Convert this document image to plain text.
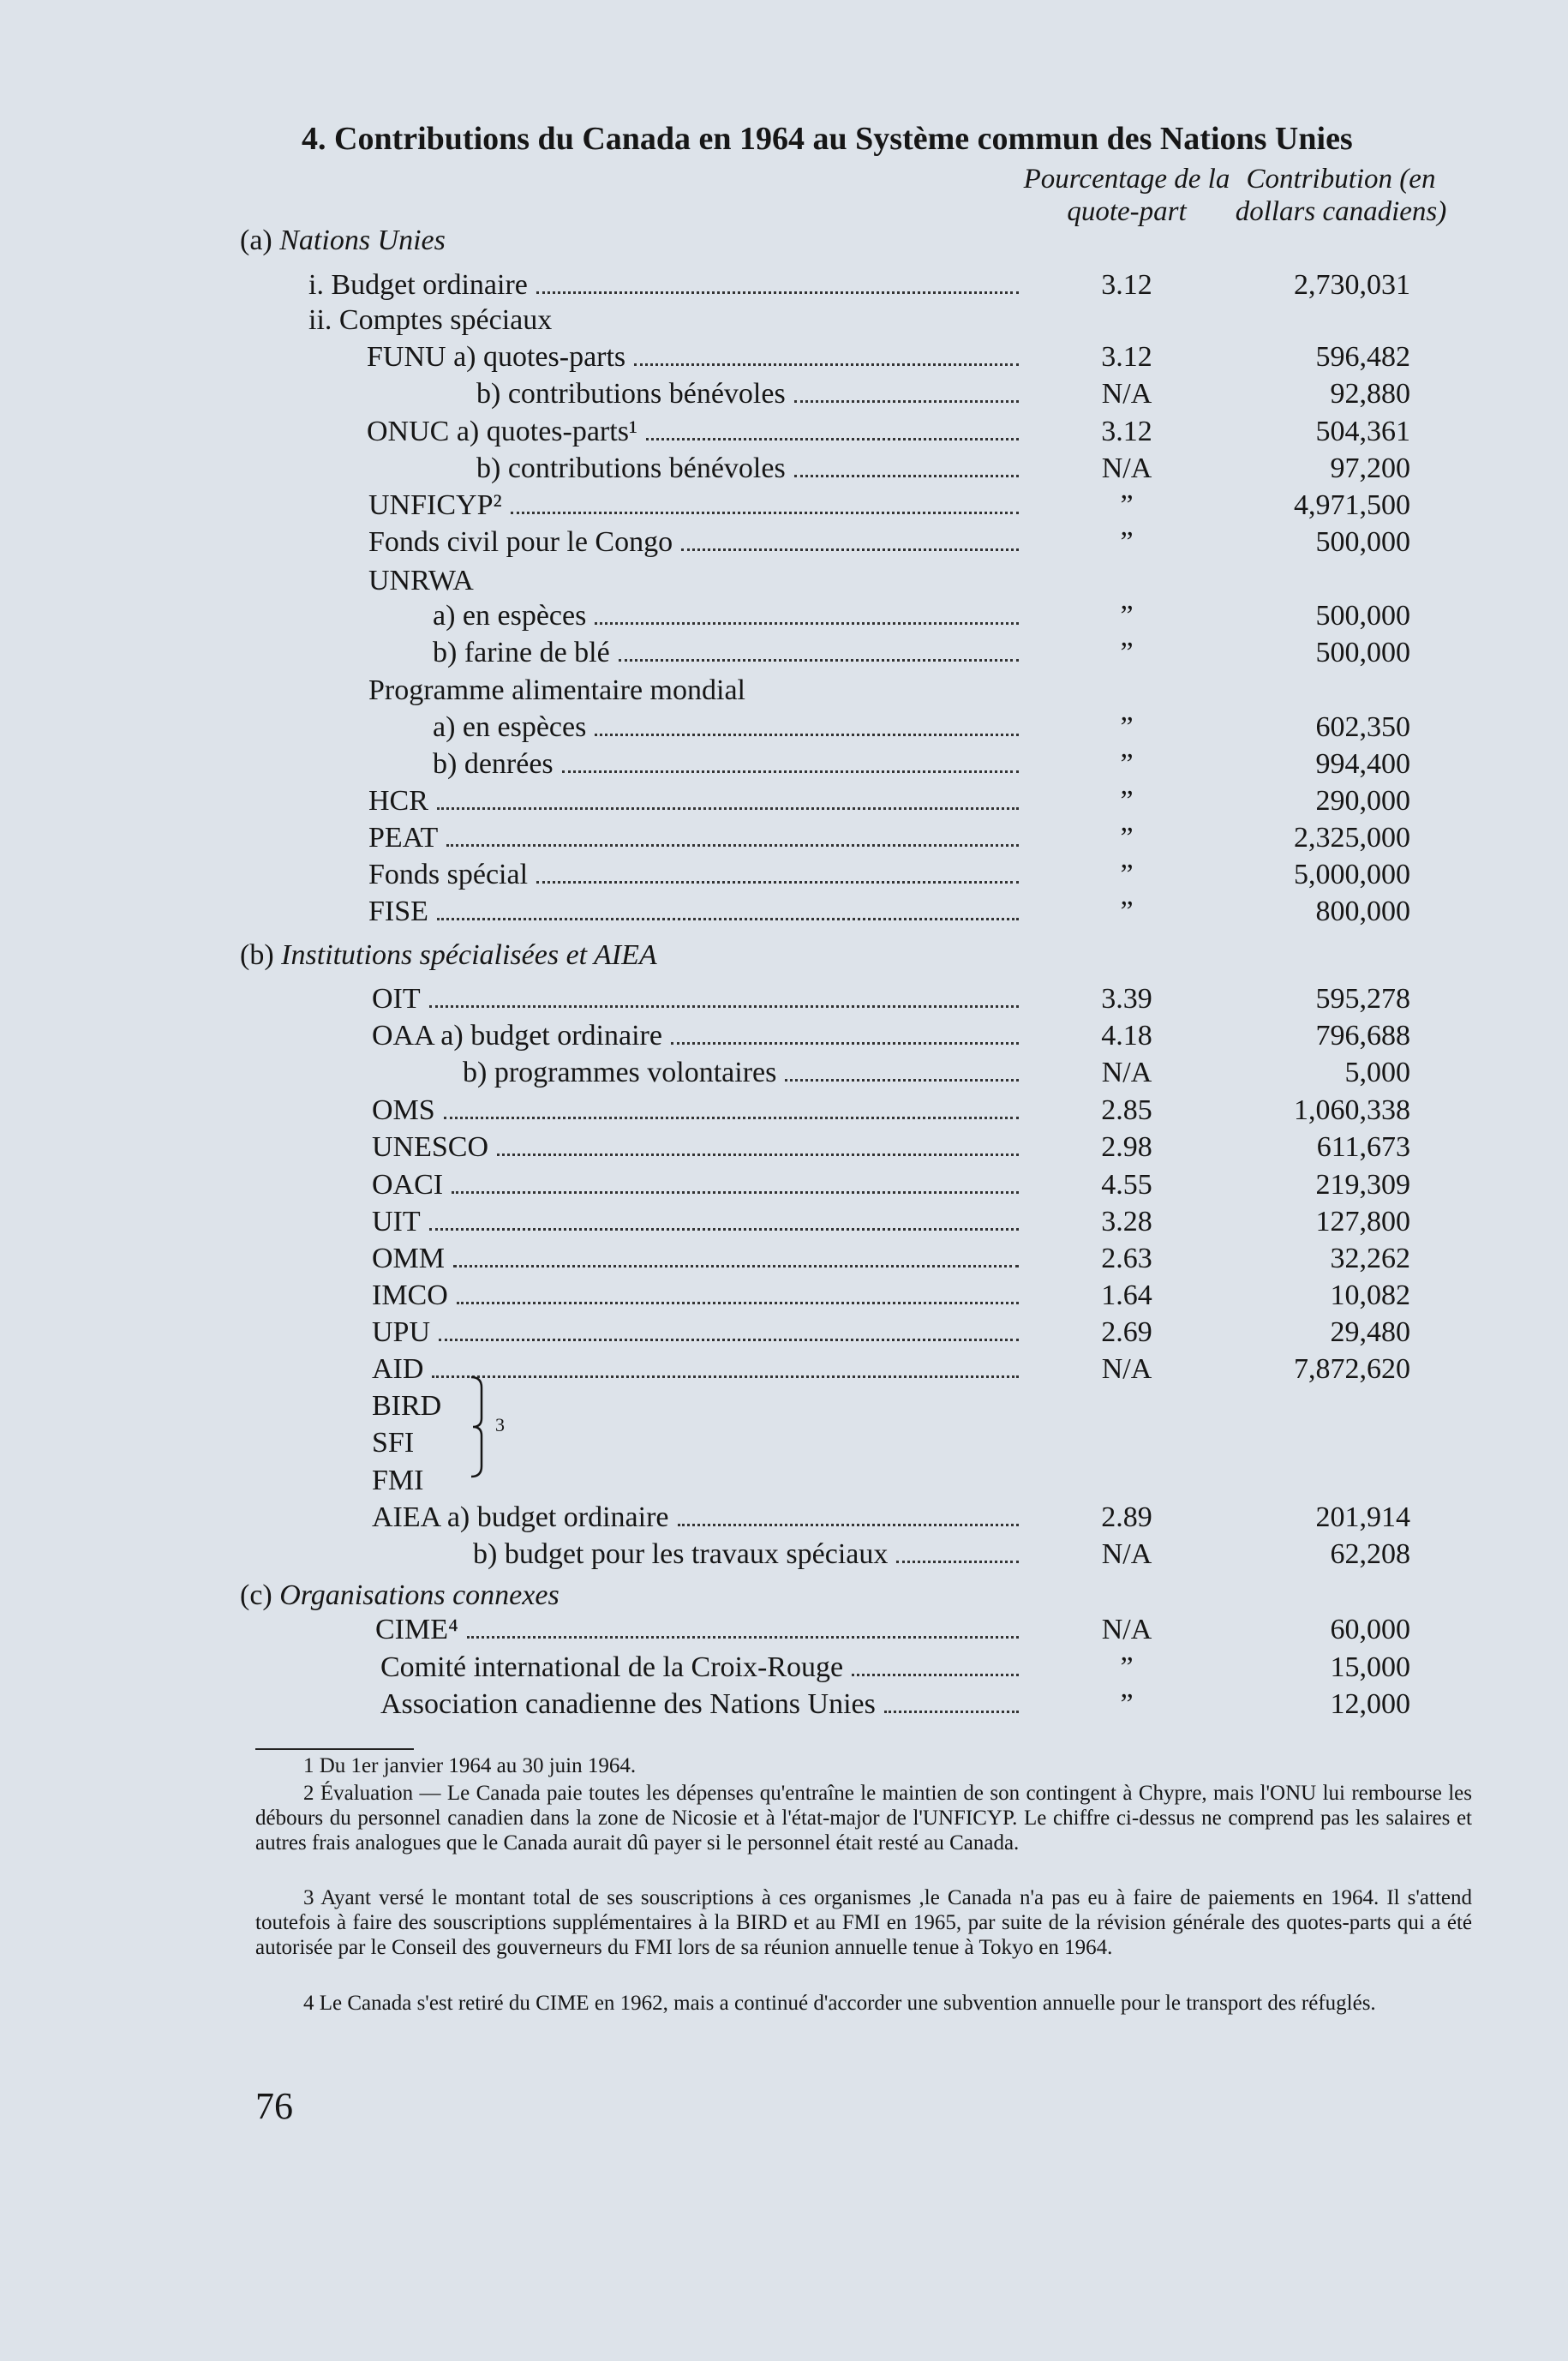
4. Contributions du Canada en 1964 au Système commun des Nations Unies
Pourcentage de la quote-part
Contribution (en dollars canadiens)
(a) Nations Unies
(b) Institutions spécialisées et AIEA
(c) Organisations connexes
i. Budget ordinaire	3.12	2,730,031
ii. Comptes spéciaux
FUNU a) quotes-parts	3.12	596,482
b) contributions bénévoles	N/A	92,880
ONUC a) quotes-parts¹	3.12	504,361
b) contributions bénévoles	N/A	97,200
UNFICYP²	”	4,971,500
Fonds civil pour le Congo	”	500,000
UNRWA
a) en espèces	”	500,000
b) farine de blé	”	500,000
Programme alimentaire mondial
a) en espèces	”	602,350
b) denrées	”	994,400
HCR	”	290,000
PEAT	”	2,325,000
Fonds spécial	”	5,000,000
FISE	”	800,000
OIT	3.39	595,278
OAA a) budget ordinaire	4.18	796,688
b) programmes volontaires	N/A	5,000
OMS	2.85	1,060,338
UNESCO	2.98	611,673
OACI	4.55	219,309
UIT	3.28	127,800
OMM	2.63	32,262
IMCO	1.64	10,082
UPU	2.69	29,480
AID	N/A	7,872,620
BIRD
SFI
FMI
AIEA a) budget ordinaire	2.89	201,914
b) budget pour les travaux spéciaux	N/A	62,208
CIME⁴	N/A	60,000
Comité international de la Croix-Rouge	”	15,000
Association canadienne des Nations Unies	”	12,000
3
1 Du 1er janvier 1964 au 30 juin 1964.
2 Évaluation — Le Canada paie toutes les dépenses qu'entraîne le maintien de son contingent à Chypre, mais l'ONU lui rembourse les débours du personnel canadien dans la zone de Nicosie et à l'état-major de l'UNFICYP. Le chiffre ci-dessus ne comprend pas les salaires et autres frais analogues que le Canada aurait dû payer si le personnel était resté au Canada.
3 Ayant versé le montant total de ses souscriptions à ces organismes ,le Canada n'a pas eu à faire de paiements en 1964. Il s'attend toutefois à faire des souscriptions supplémentaires à la BIRD et au FMI en 1965, par suite de la révision générale des quotes-parts qui a été autorisée par le Conseil des gouverneurs du FMI lors de sa réunion annuelle tenue à Tokyo en 1964.
4 Le Canada s'est retiré du CIME en 1962, mais a continué d'accorder une subvention annuelle pour le transport des réfuglés.
76
